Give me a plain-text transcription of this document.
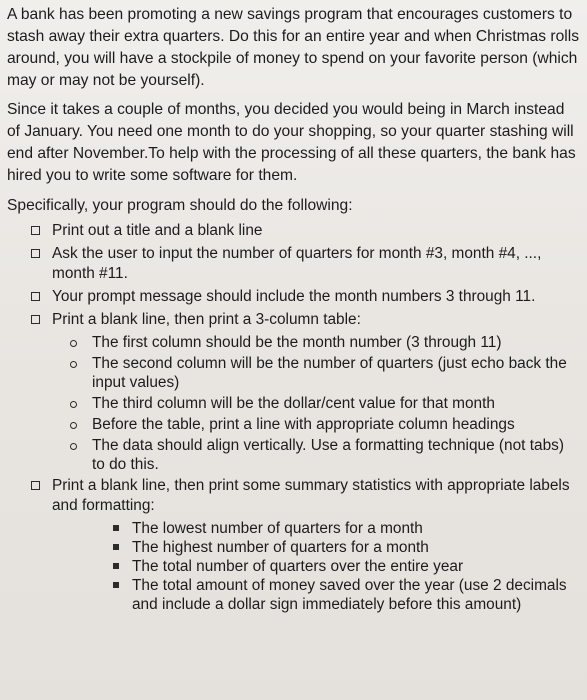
A bank has been promoting a new savings program that encourages customers to stash away their extra quarters. Do this for an entire year and when Christmas rolls around, you will have a stockpile of money to spend on your favorite person (which may or may not be yourself).

Since it takes a couple of months, you decided you would being in March instead of January. You need one month to do your shopping, so your quarter stashing will end after November.To help with the processing of all these quarters, the bank has hired you to write some software for them.

Specifically, your program should do the following:

Print out a title and a blank line
Ask the user to input the number of quarters for month #3, month #4, ..., month #11.
Your prompt message should include the month numbers 3 through 11.
Print a blank line, then print a 3-column table:
The first column should be the month number (3 through 11)
The second column will be the number of quarters (just echo back the input values)
The third column will be the dollar/cent value for that month
Before the table, print a line with appropriate column headings
The data should align vertically. Use a formatting technique (not tabs) to do this.
Print a blank line, then print some summary statistics with appropriate labels and formatting:
The lowest number of quarters for a month
The highest number of quarters for a month
The total number of quarters over the entire year
The total amount of money saved over the year (use 2 decimals and include a dollar sign immediately before this amount)
